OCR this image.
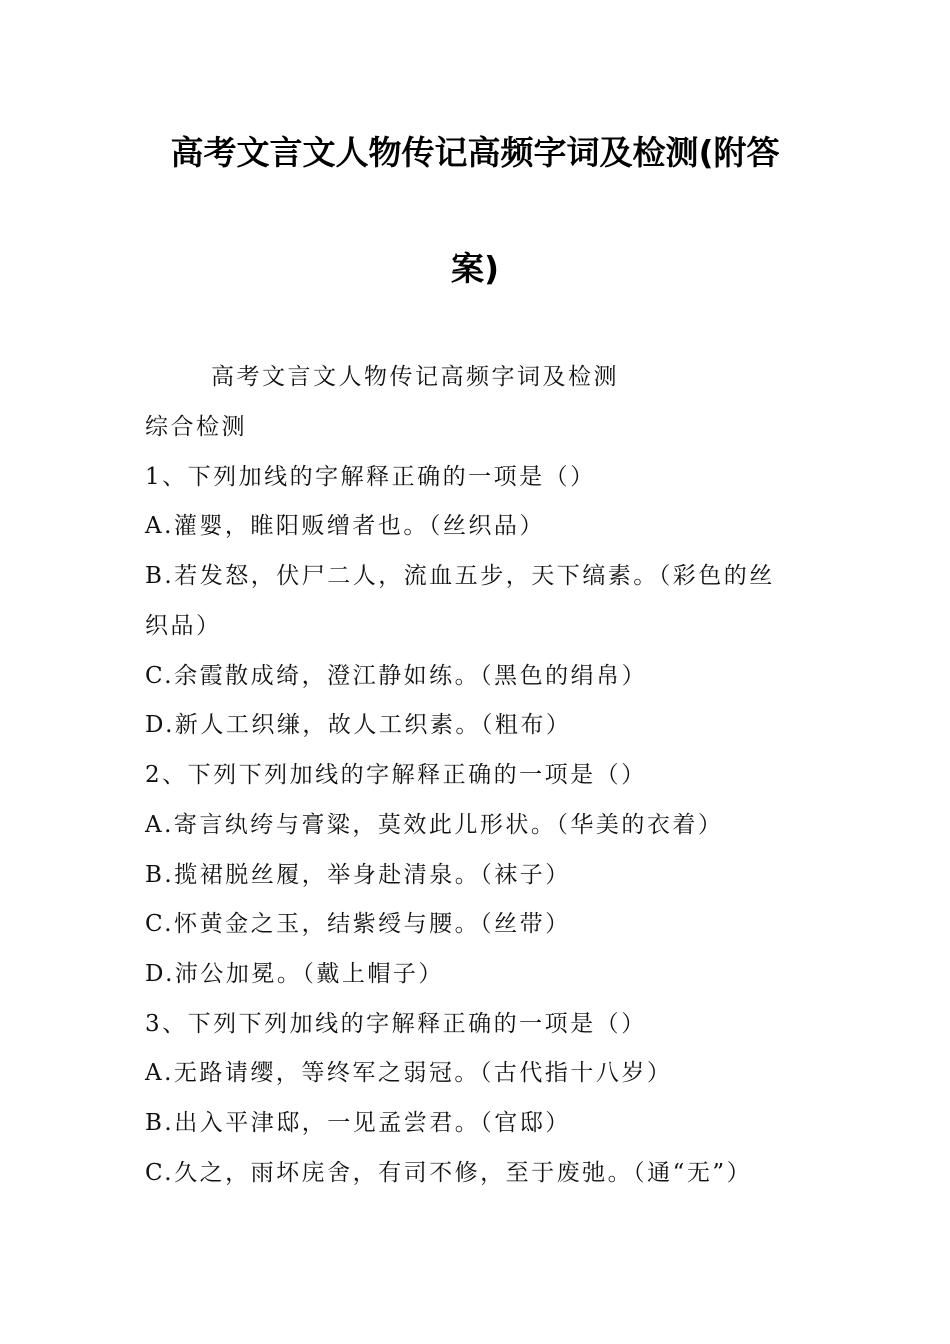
高考文言文人物传记高频字词及检测(附答
案)
高考文言文人物传记高频字词及检测
综合检测
1、下列加线的字解释正确的一项是（）
A.灌婴，睢阳贩缯者也。（丝织品）
B.若发怒，伏尸二人，流血五步，天下缟素。（彩色的丝
织品）
C.余霞散成绮，澄江静如练。（黑色的绢帛）
D.新人工织缣，故人工织素。（粗布）
2、下列下列加线的字解释正确的一项是（）
A.寄言纨绔与膏粱，莫效此儿形状。（华美的衣着）
B.揽裙脱丝履，举身赴清泉。（袜子）
C.怀黄金之玉，结紫绶与腰。（丝带）
D.沛公加冕。（戴上帽子）
3、下列下列加线的字解释正确的一项是（）
A.无路请缨，等终军之弱冠。（古代指十八岁）
B.出入平津邸，一见孟尝君。（官邸）
C.久之，雨坏庑舍，有司不修，至于废弛。（通“无”）
